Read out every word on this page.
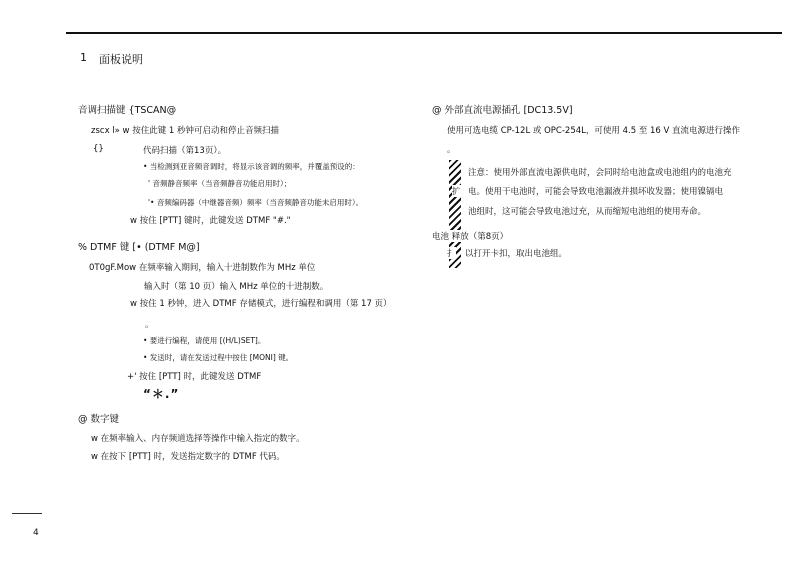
1 面板说明
音调扫描键 {TSCAN@
zscx l» w 按住此键 1 秒钟可启动和停止音频扫描
{}	代码扫描（第13页）。
• 当检测到亚音频音调时，将显示该音调的频率，并覆盖预设的：
' 音频静音频率（当音频静音功能启用时）；
'• 音频编码器（中继器音频）频率（当音频静音功能未启用时）。
w 按住 [PTT] 键时，此键发送 DTMF "#."
% DTMF 键 [• (DTMF M@]
0T0gF.Mow 在频率输入期间，输入十进制数作为 MHz 单位
输入时（第 10 页）输入 MHz 单位的十进制数。
w 按住 1 秒钟，进入 DTMF 存储模式，进行编程和调用（第 17 页）
。
• 要进行编程，请使用 [(H/L)SET]。
• 发送时，请在发送过程中按住 [MONI] 键。
+' 按住 [PTT] 时，此键发送 DTMF
“＊.”
@ 数字键
w 在频率输入、内存频道选择等操作中输入指定的数字。
w 在按下 [PTT] 时，发送指定数字的 DTMF 代码。
@ 外部直流电源插孔 [DC13.5V]
使用可选电缆 CP-12L 或 OPC-254L，可使用 4.5 至 16 V 直流电源进行操作
。
注意：使用外部直流电源供电时，会同时给电池盒或电池组内的电池充
扩 电。使用干电池时，可能会导致电池漏液并损坏收发器；使用镍镉电
池组时，这可能会导致电池过充，从而缩短电池组的使用寿命。
电池 释放（第8页）
扌 以打开卡扣，取出电池组。
4
